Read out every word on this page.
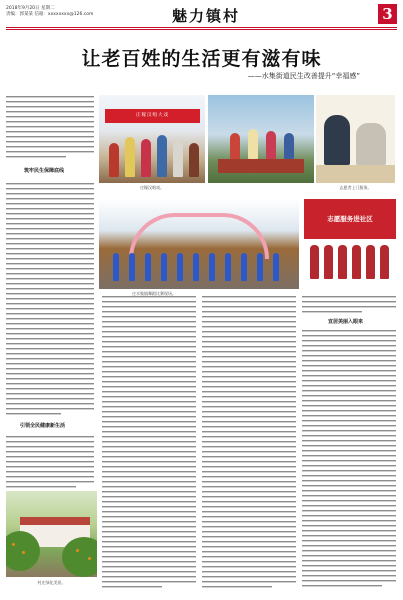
2018年9月20日 星期二
责编：郭某某 信箱：xxxxxxxx@126.com	魅力镇村	3
让老百姓的生活更有滋有味
——水集街道民生改善提升“幸福感”

筑牢民生保障底线
引领全民健康新生活
宜居美丽入眼来
庄稼汉唱大戏
庄稼汉唱戏。	志愿者上门服务。
庄水集镇舞蹈比赛现场。
志愿服务进社区
村庄绿化美景。
